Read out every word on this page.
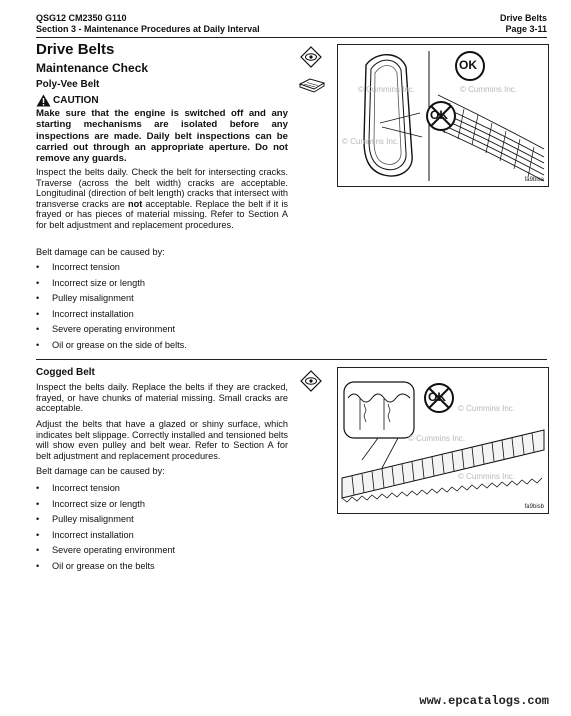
QSG12 CM2350 G110
Section 3 - Maintenance Procedures at Daily Interval
Drive Belts
Page 3-11
Drive Belts
Maintenance Check
Poly-Vee Belt
CAUTION
Make sure that the engine is switched off and any starting mechanisms are isolated before any inspections are made. Daily belt inspections can be carried out through an appropriate aperture. Do not remove any guards.
Inspect the belts daily. Check the belt for intersecting cracks. Traverse (across the belt width) cracks are acceptable. Longitudinal (direction of belt length) cracks that intersect with transverse cracks are not acceptable. Replace the belt if it is frayed or has pieces of material missing. Refer to Section A for belt adjustment and replacement procedures.
Belt damage can be caused by:
• Incorrect tension
• Incorrect size or length
• Pulley misalignment
• Incorrect installation
• Severe operating environment
• Oil or grease on the side of belts.
OK
OK
© Cummins Inc.
© Cummins Inc.	© Cummins Inc.
fa9bisa
Cogged Belt
Inspect the belts daily. Replace the belts if they are cracked, frayed, or have chunks of material missing. Small cracks are acceptable.
Adjust the belts that have a glazed or shiny surface, which indicates belt slippage. Correctly installed and tensioned belts will show even pulley and belt wear. Refer to Section A for belt adjustment and replacement procedures.
Belt damage can be caused by:
• Incorrect tension
• Incorrect size or length
• Pulley misalignment
• Incorrect installation
• Severe operating environment
• Oil or grease on the belts
OK
© Cummins Inc.
© Cummins Inc.
© Cummins Inc.
fa9bisb
www.epcatalogs.com
